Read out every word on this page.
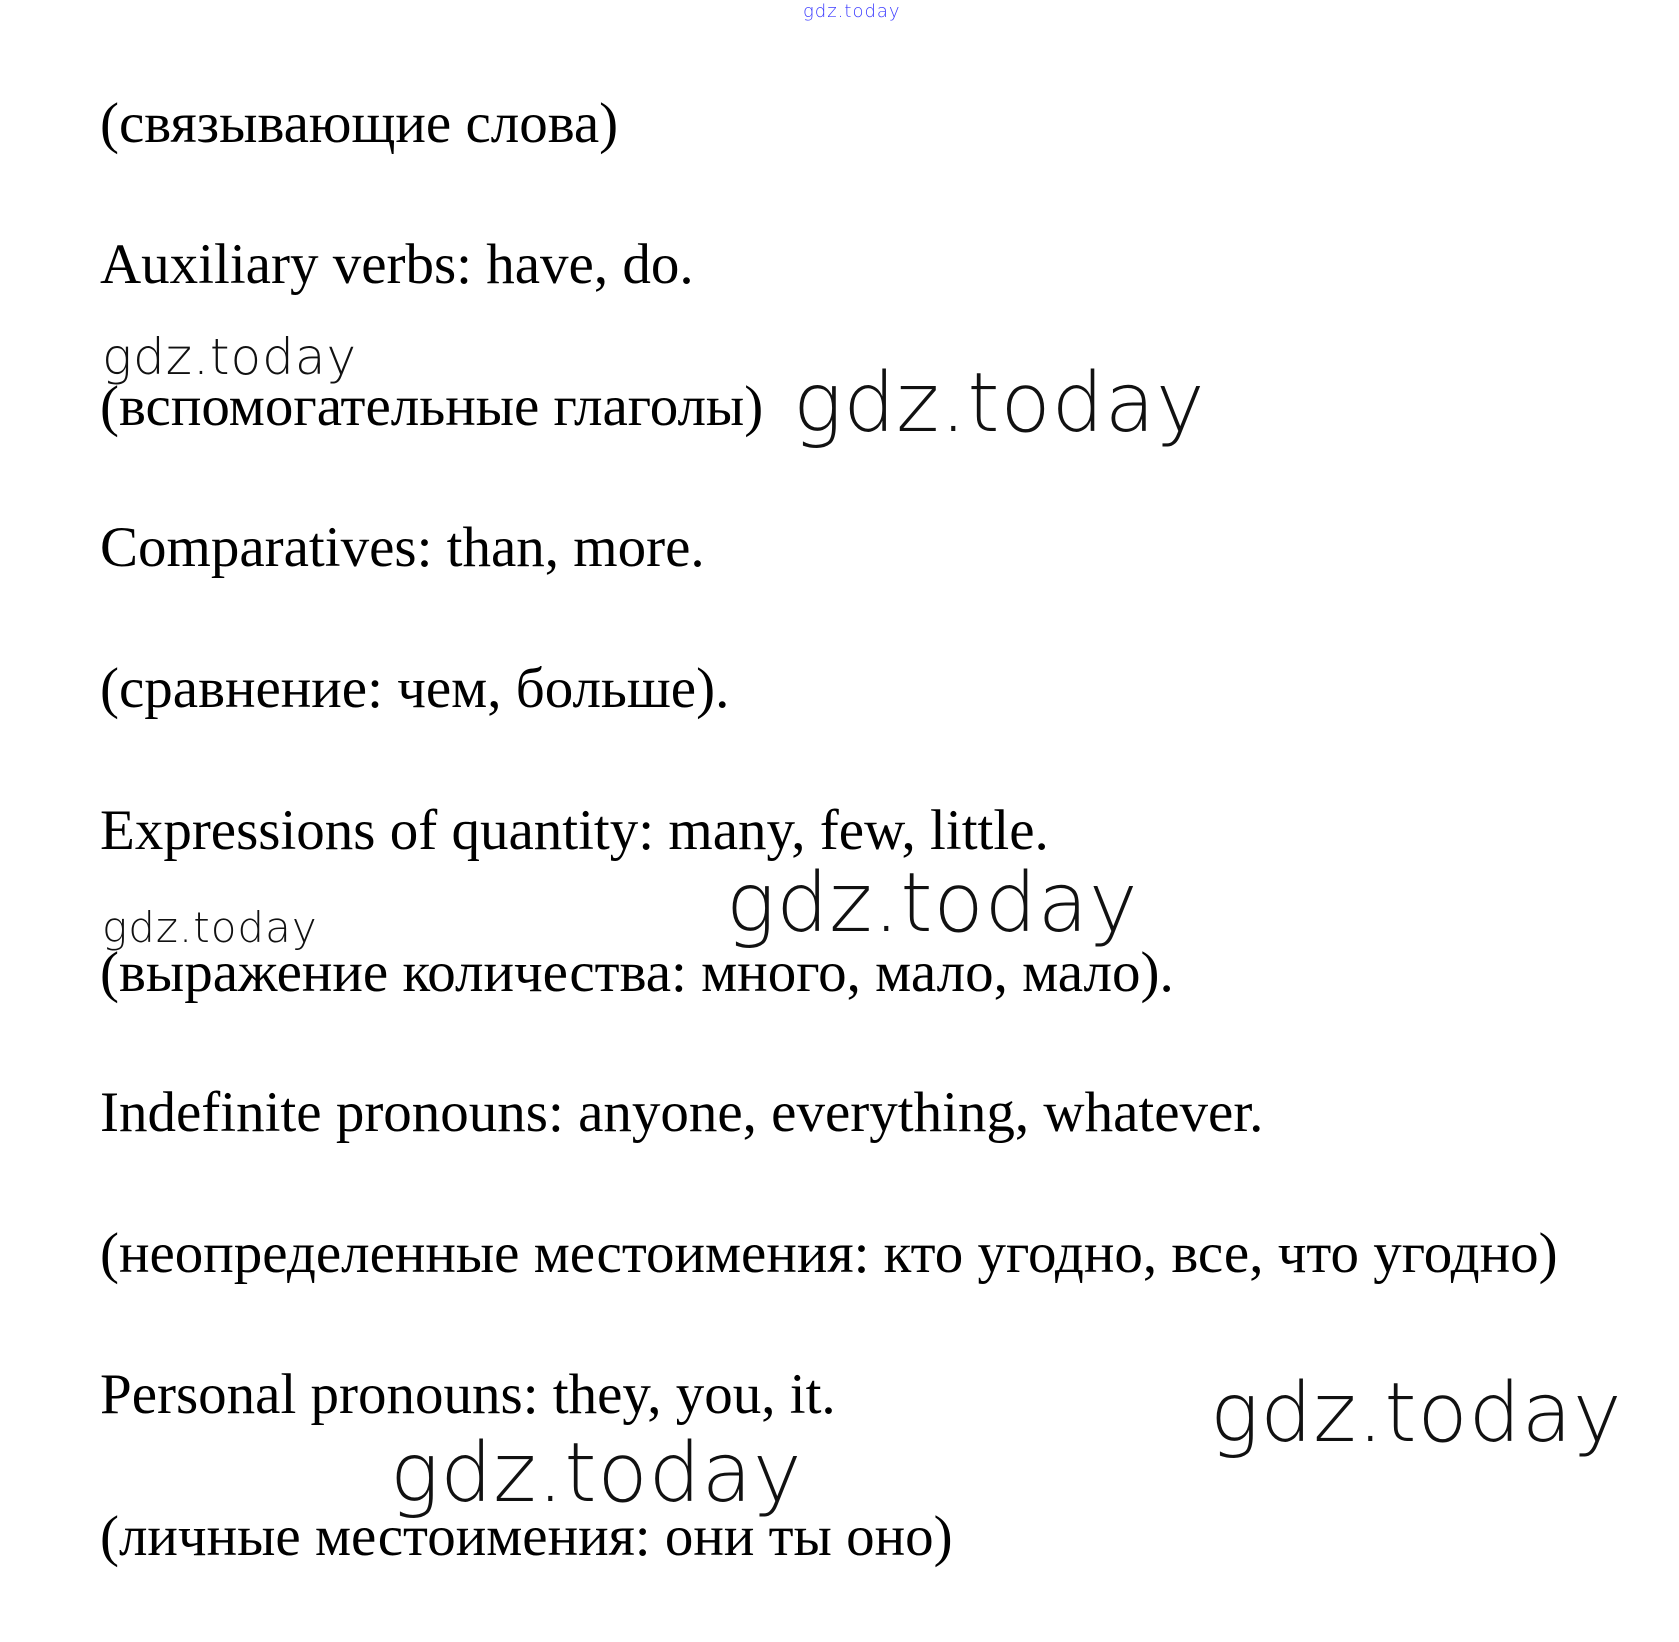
gdz.today
(связывающие слова)
Auxiliary verbs: have, do.
(вспомогательные глаголы)
Comparatives: than, more.
(сравнение: чем, больше).
Expressions of quantity: many, few, little.
(выражение количества: много, мало, мало).
Indefinite pronouns: anyone, everything, whatever.
(неопределенные местоимения: кто угодно, все, что угодно)
Personal pronouns: they, you, it.
(личные местоимения: они ты оно)
gdz.today
gdz.today
gdz.today
gdz.today
gdz.today
gdz.today
